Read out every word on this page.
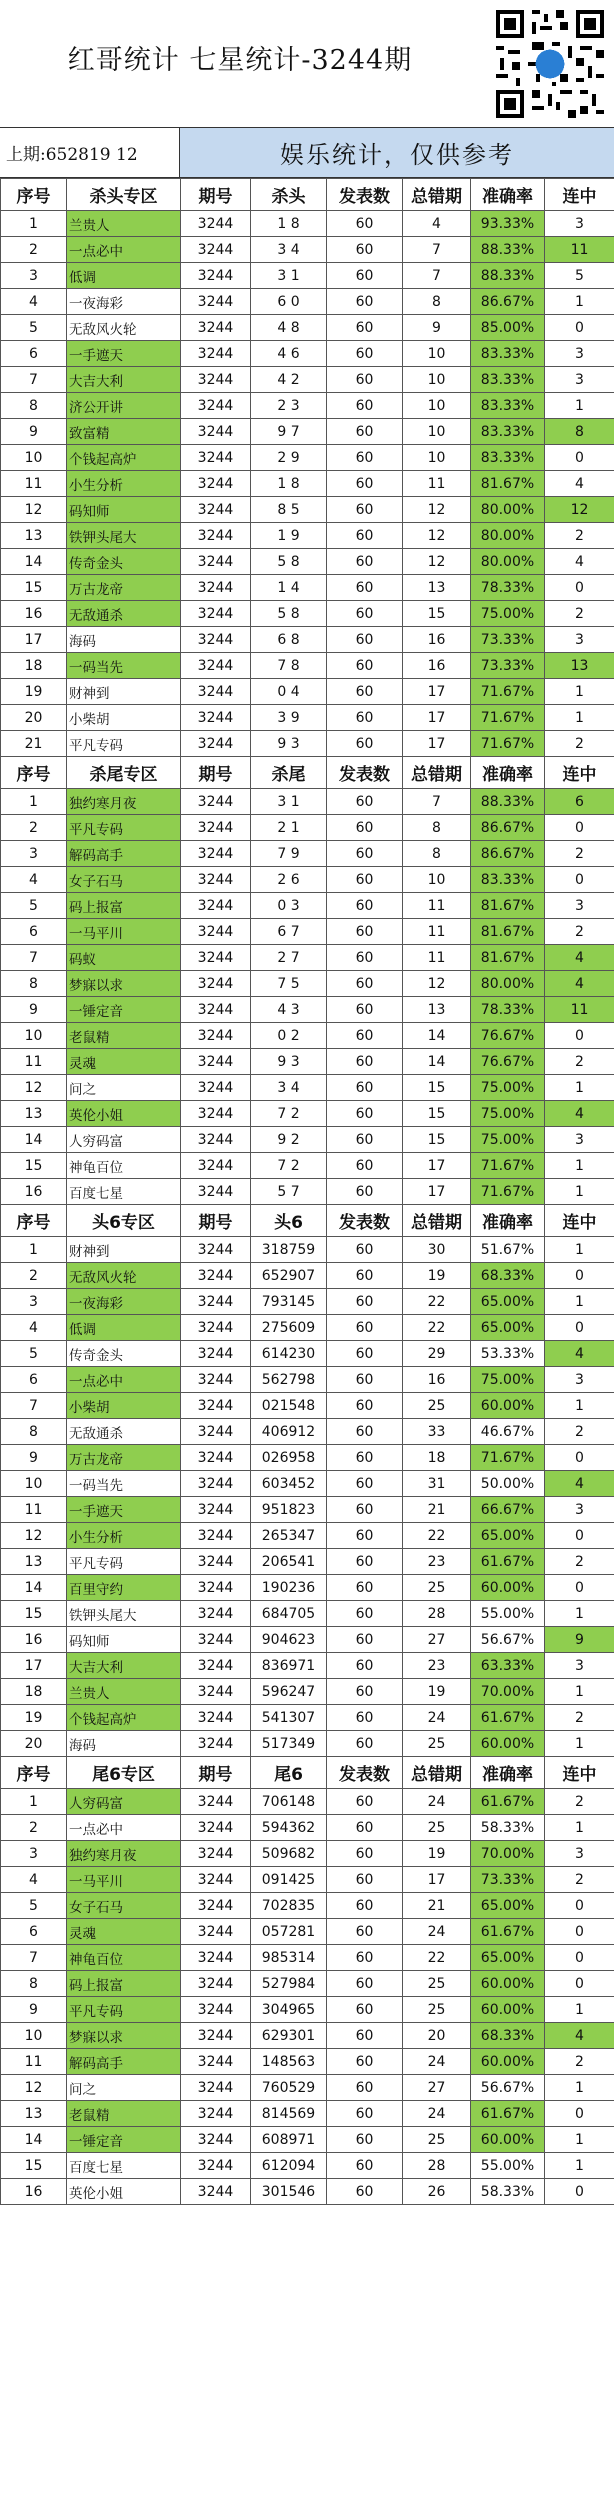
红哥统计 七星统计-3244期
上期:652819 12	娱乐统计，仅供参考
序号	杀头专区	期号	杀头	发表数	总错期	准确率	连中
1	兰贵人	3244	1 8	60	4	93.33%	3
2	一点必中	3244	3 4	60	7	88.33%	11
3	低调	3244	3 1	60	7	88.33%	5
4	一夜海彩	3244	6 0	60	8	86.67%	1
5	无敌风火轮	3244	4 8	60	9	85.00%	0
6	一手遮天	3244	4 6	60	10	83.33%	3
7	大吉大利	3244	4 2	60	10	83.33%	3
8	济公开讲	3244	2 3	60	10	83.33%	1
9	致富精	3244	9 7	60	10	83.33%	8
10	个钱起高炉	3244	2 9	60	10	83.33%	0
11	小生分析	3244	1 8	60	11	81.67%	4
12	码知师	3244	8 5	60	12	80.00%	12
13	铁钾头尾大	3244	1 9	60	12	80.00%	2
14	传奇金头	3244	5 8	60	12	80.00%	4
15	万古龙帝	3244	1 4	60	13	78.33%	0
16	无敌通杀	3244	5 8	60	15	75.00%	2
17	海码	3244	6 8	60	16	73.33%	3
18	一码当先	3244	7 8	60	16	73.33%	13
19	财神到	3244	0 4	60	17	71.67%	1
20	小柴胡	3244	3 9	60	17	71.67%	1
21	平凡专码	3244	9 3	60	17	71.67%	2
序号	杀尾专区	期号	杀尾	发表数	总错期	准确率	连中
1	独约寒月夜	3244	3 1	60	7	88.33%	6
2	平凡专码	3244	2 1	60	8	86.67%	0
3	解码高手	3244	7 9	60	8	86.67%	2
4	女子石马	3244	2 6	60	10	83.33%	0
5	码上报富	3244	0 3	60	11	81.67%	3
6	一马平川	3244	6 7	60	11	81.67%	2
7	码蚁	3244	2 7	60	11	81.67%	4
8	梦寐以求	3244	7 5	60	12	80.00%	4
9	一锤定音	3244	4 3	60	13	78.33%	11
10	老鼠精	3244	0 2	60	14	76.67%	0
11	灵魂	3244	9 3	60	14	76.67%	2
12	问之	3244	3 4	60	15	75.00%	1
13	英伦小姐	3244	7 2	60	15	75.00%	4
14	人穷码富	3244	9 2	60	15	75.00%	3
15	神龟百位	3244	7 2	60	17	71.67%	1
16	百度七星	3244	5 7	60	17	71.67%	1
序号	头6专区	期号	头6	发表数	总错期	准确率	连中
1	财神到	3244	318759	60	30	51.67%	1
2	无敌风火轮	3244	652907	60	19	68.33%	0
3	一夜海彩	3244	793145	60	22	65.00%	1
4	低调	3244	275609	60	22	65.00%	0
5	传奇金头	3244	614230	60	29	53.33%	4
6	一点必中	3244	562798	60	16	75.00%	3
7	小柴胡	3244	021548	60	25	60.00%	1
8	无敌通杀	3244	406912	60	33	46.67%	2
9	万古龙帝	3244	026958	60	18	71.67%	0
10	一码当先	3244	603452	60	31	50.00%	4
11	一手遮天	3244	951823	60	21	66.67%	3
12	小生分析	3244	265347	60	22	65.00%	0
13	平凡专码	3244	206541	60	23	61.67%	2
14	百里守约	3244	190236	60	25	60.00%	0
15	铁钾头尾大	3244	684705	60	28	55.00%	1
16	码知师	3244	904623	60	27	56.67%	9
17	大吉大利	3244	836971	60	23	63.33%	3
18	兰贵人	3244	596247	60	19	70.00%	1
19	个钱起高炉	3244	541307	60	24	61.67%	2
20	海码	3244	517349	60	25	60.00%	1
序号	尾6专区	期号	尾6	发表数	总错期	准确率	连中
1	人穷码富	3244	706148	60	24	61.67%	2
2	一点必中	3244	594362	60	25	58.33%	1
3	独约寒月夜	3244	509682	60	19	70.00%	3
4	一马平川	3244	091425	60	17	73.33%	2
5	女子石马	3244	702835	60	21	65.00%	0
6	灵魂	3244	057281	60	24	61.67%	0
7	神龟百位	3244	985314	60	22	65.00%	0
8	码上报富	3244	527984	60	25	60.00%	0
9	平凡专码	3244	304965	60	25	60.00%	1
10	梦寐以求	3244	629301	60	20	68.33%	4
11	解码高手	3244	148563	60	24	60.00%	2
12	问之	3244	760529	60	27	56.67%	1
13	老鼠精	3244	814569	60	24	61.67%	0
14	一锤定音	3244	608971	60	25	60.00%	1
15	百度七星	3244	612094	60	28	55.00%	1
16	英伦小姐	3244	301546	60	26	58.33%	0
